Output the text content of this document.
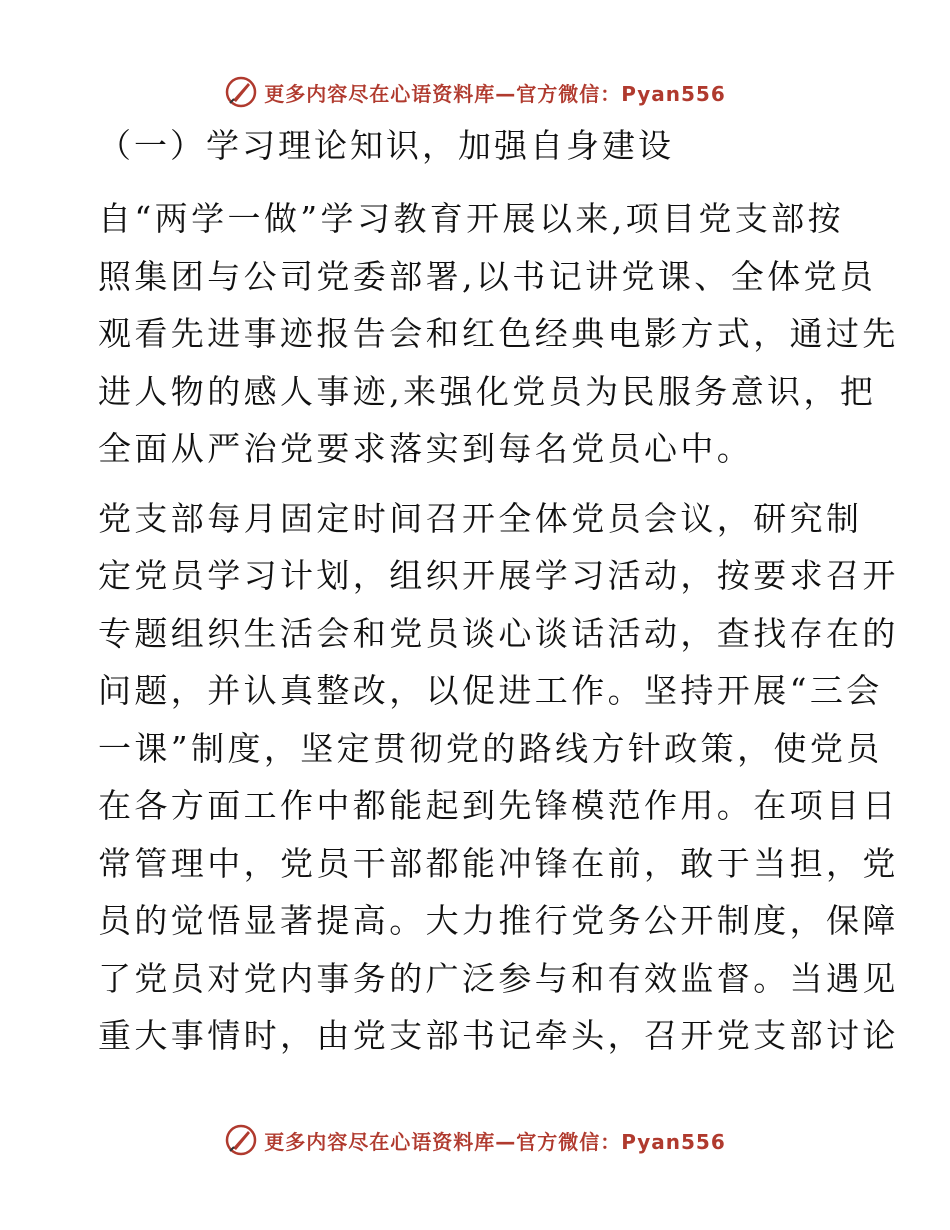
更多内容尽在心语资料库—官方微信：Pyan556
（一）学习理论知识，加强自身建设
自“两学一做”学习教育开展以来,项目党支部按
照集团与公司党委部署,以书记讲党课、全体党员
观看先进事迹报告会和红色经典电影方式，通过先
进人物的感人事迹,来强化党员为民服务意识，把
全面从严治党要求落实到每名党员心中。
党支部每月固定时间召开全体党员会议，研究制
定党员学习计划，组织开展学习活动，按要求召开
专题组织生活会和党员谈心谈话活动，查找存在的
问题，并认真整改，以促进工作。坚持开展“三会
一课”制度，坚定贯彻党的路线方针政策，使党员
在各方面工作中都能起到先锋模范作用。在项目日
常管理中，党员干部都能冲锋在前，敢于当担，党
员的觉悟显著提高。大力推行党务公开制度，保障
了党员对党内事务的广泛参与和有效监督。当遇见
重大事情时，由党支部书记牵头，召开党支部讨论
更多内容尽在心语资料库—官方微信：Pyan556
